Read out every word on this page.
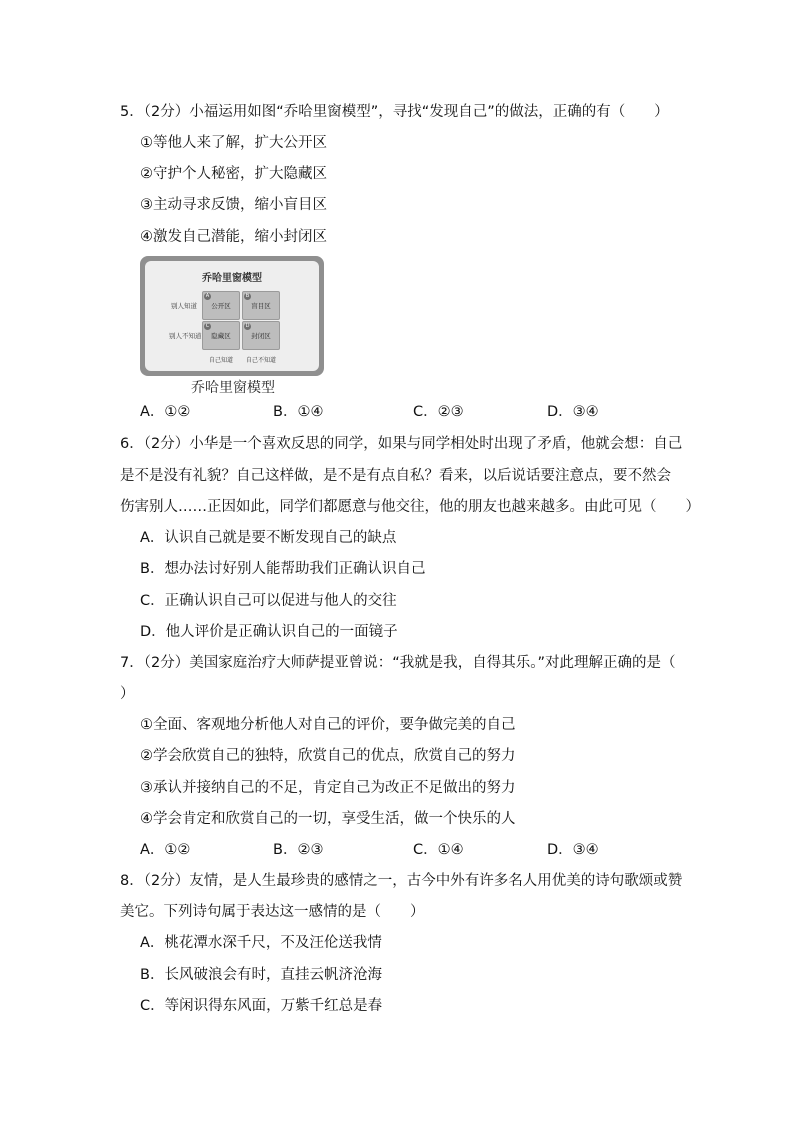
5．（2分）小福运用如图“乔哈里窗模型”，寻找“发现自己”的做法，正确的有（　　）
①等他人来了解，扩大公开区
②守护个人秘密，扩大隐藏区
③主动寻求反馈，缩小盲目区
④激发自己潜能，缩小封闭区
乔哈里窗模型
别人知道
别人不知道
A
公开区
B
盲目区
C
隐藏区
D
封闭区
自己知道 自己不知道
乔哈里窗模型
A．①②	B．①④	C．②③	D．③④
6．（2分）小华是一个喜欢反思的同学，如果与同学相处时出现了矛盾，他就会想：自己
是不是没有礼貌？自己这样做，是不是有点自私？看来，以后说话要注意点，要不然会
伤害别人……正因如此，同学们都愿意与他交往，他的朋友也越来越多。由此可见（　　）
A．认识自己就是要不断发现自己的缺点
B．想办法讨好别人能帮助我们正确认识自己
C．正确认识自己可以促进与他人的交往
D．他人评价是正确认识自己的一面镜子
7．（2分）美国家庭治疗大师萨提亚曾说：“我就是我，自得其乐。”对此理解正确的是（
）
①全面、客观地分析他人对自己的评价，要争做完美的自己
②学会欣赏自己的独特，欣赏自己的优点，欣赏自己的努力
③承认并接纳自己的不足，肯定自己为改正不足做出的努力
④学会肯定和欣赏自己的一切，享受生活，做一个快乐的人
A．①②	B．②③	C．①④	D．③④
8．（2分）友情，是人生最珍贵的感情之一，古今中外有许多名人用优美的诗句歌颂或赞
美它。下列诗句属于表达这一感情的是（　　）
A．桃花潭水深千尺，不及汪伦送我情
B．长风破浪会有时，直挂云帆济沧海
C．等闲识得东风面，万紫千红总是春
